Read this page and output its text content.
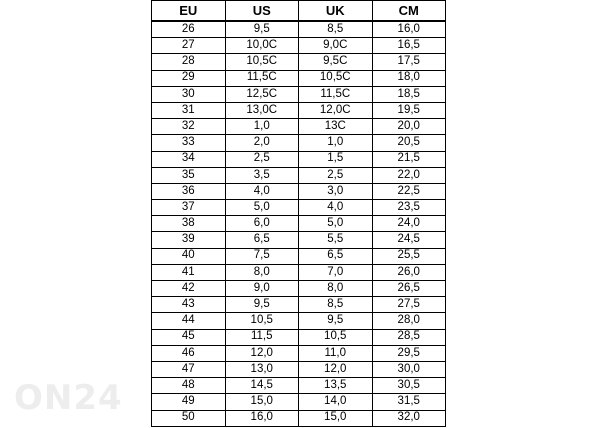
EU	US	UK	CM
26	9,5	8,5	16,0
27	10,0C	9,0C	16,5
28	10,5C	9,5C	17,5
29	11,5C	10,5C	18,0
30	12,5C	11,5C	18,5
31	13,0C	12,0C	19,5
32	1,0	13C	20,0
33	2,0	1,0	20,5
34	2,5	1,5	21,5
35	3,5	2,5	22,0
36	4,0	3,0	22,5
37	5,0	4,0	23,5
38	6,0	5,0	24,0
39	6,5	5,5	24,5
40	7,5	6,5	25,5
41	8,0	7,0	26,0
42	9,0	8,0	26,5
43	9,5	8,5	27,5
44	10,5	9,5	28,0
45	11,5	10,5	28,5
46	12,0	11,0	29,5
47	13,0	12,0	30,0
48	14,5	13,5	30,5
49	15,0	14,0	31,5
50	16,0	15,0	32,0
ON24
